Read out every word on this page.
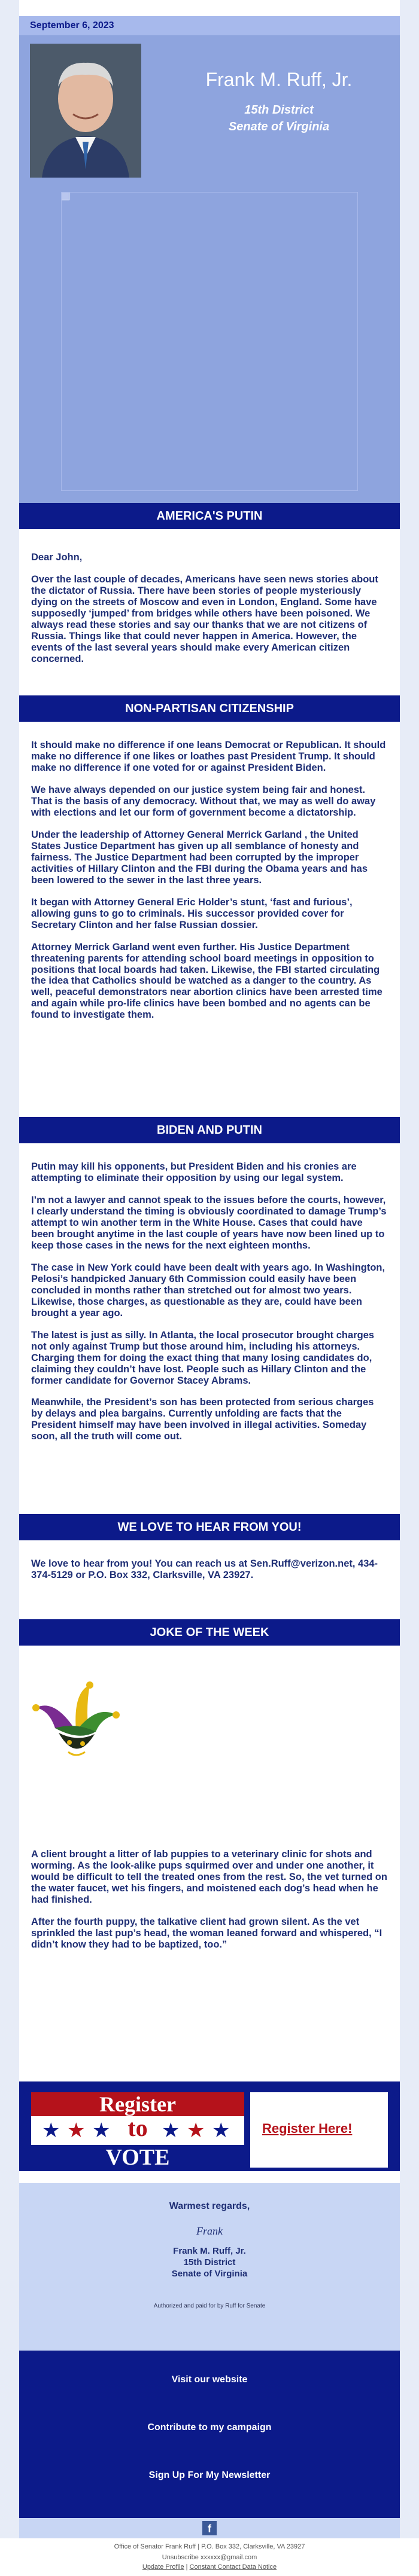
September 6, 2023
Frank M. Ruff, Jr.
15th District
Senate of Virginia
AMERICA'S PUTIN

Dear John,

Over the last couple of decades, Americans have seen news stories about the dictator of Russia. There have been stories of people mysteriously dying on the streets of Moscow and even in London, England. Some have supposedly ‘jumped’ from bridges while others have been poisoned. We always read these stories and say our thanks that we are not citizens of Russia. Things like that could never happen in America. However, the events of the last several years should make every American citizen concerned.

NON-PARTISAN CITIZENSHIP

It should make no difference if one leans Democrat or Republican. It should make no difference if one likes or loathes past President Trump. It should make no difference if one voted for or against President Biden.

We have always depended on our justice system being fair and honest. That is the basis of any democracy. Without that, we may as well do away with elections and let our form of government become a dictatorship.

Under the leadership of Attorney General Merrick Garland , the United States Justice Department has given up all semblance of honesty and fairness. The Justice Department had been corrupted by the improper activities of Hillary Clinton and the FBI during the Obama years and has been lowered to the sewer in the last three years.

It began with Attorney General Eric Holder’s stunt, ‘fast and furious’, allowing guns to go to criminals. His successor provided cover for Secretary Clinton and her false Russian dossier.

Attorney Merrick Garland went even further. His Justice Department threatening parents for attending school board meetings in opposition to positions that local boards had taken. Likewise, the FBI started circulating the idea that Catholics should be watched as a danger to the country. As well, peaceful demonstrators near abortion clinics have been arrested time and again while pro-life clinics have been bombed and no agents can be found to investigate them.

BIDEN AND PUTIN

Putin may kill his opponents, but President Biden and his cronies are attempting to eliminate their opposition by using our legal system.

I’m not a lawyer and cannot speak to the issues before the courts, however, I clearly understand the timing is obviously coordinated to damage Trump’s attempt to win another term in the White House. Cases that could have been brought anytime in the last couple of years have now been lined up to keep those cases in the news for the next eighteen months.

The case in New York could have been dealt with years ago. In Washington, Pelosi’s handpicked January 6th Commission could easily have been concluded in months rather than stretched out for almost two years. Likewise, those charges, as questionable as they are, could have been brought a year ago.

The latest is just as silly. In Atlanta, the local prosecutor brought charges not only against Trump but those around him, including his attorneys. Charging them for doing the exact thing that many losing candidates do, claiming they couldn’t have lost. People such as Hillary Clinton and the former candidate for Governor Stacey Abrams.

Meanwhile, the President’s son has been protected from serious charges by delays and plea bargains. Currently unfolding are facts that the President himself may have been involved in illegal activities. Someday soon, all the truth will come out.

WE LOVE TO HEAR FROM YOU!

We love to hear from you! You can reach us at Sen.Ruff@verizon.net, 434-374-5129 or P.O. Box 332, Clarksville, VA 23927.

JOKE OF THE WEEK

A client brought a litter of lab puppies to a veterinary clinic for shots and worming. As the look-alike pups squirmed over and under one another, it would be difficult to tell the treated ones from the rest. So, the vet turned on the water faucet, wet his fingers, and moistened each dog’s head when he had finished.

After the fourth puppy, the talkative client had grown silent. As the vet sprinkled the last pup’s head, the woman leaned forward and whispered, “I didn’t know they had to be baptized, too.”

Register
★ ★ ★ to ★ ★ ★
VOTE
Register Here!
Warmest regards,
Frank
Frank M. Ruff, Jr.
15th District
Senate of Virginia
Authorized and paid for by Ruff for Senate
Visit our website
Contribute to my campaign
Sign Up For My Newsletter
f
Office of Senator Frank Ruff | P.O. Box 332, Clarksville, VA 23927
Unsubscribe xxxxxx@gmail.com
Update Profile | Constant Contact Data Notice
